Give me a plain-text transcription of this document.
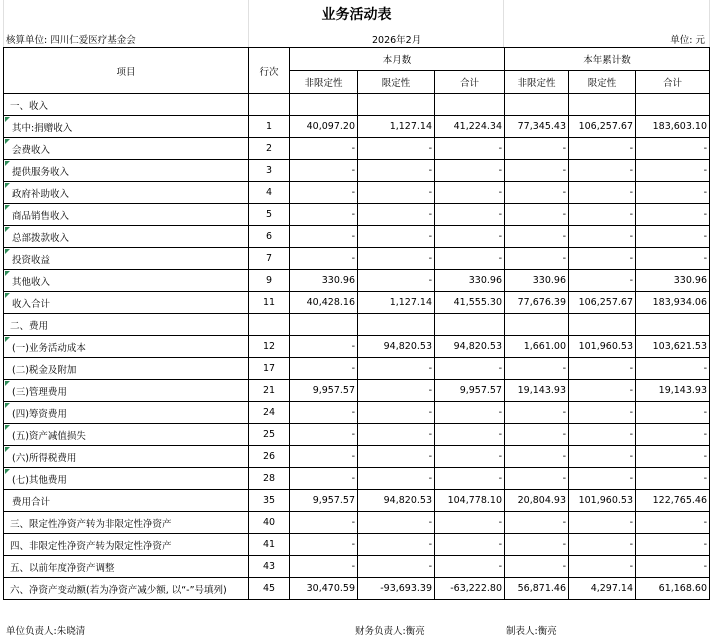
业务活动表
核算单位: 四川仁爱医疗基金会	2026年2月	单位: 元
项目	行次	本月数			本年累计数		
		非限定性	限定性	合计	非限定性	限定性	合计
一、收入							

其中:捐赠收入	1	40,097.20	1,127.14	41,224.34	77,345.43	106,257.67	183,603.10

会费收入	2	-	-	-	-	-	-

提供服务收入	3	-	-	-	-	-	-

政府补助收入	4	-	-	-	-	-	-

商品销售收入	5	-	-	-	-	-	-

总部拨款收入	6	-	-	-	-	-	-

投资收益	7	-	-	-	-	-	-

其他收入	9	330.96	-	330.96	330.96	-	330.96

收入合计	11	40,428.16	1,127.14	41,555.30	77,676.39	106,257.67	183,934.06
二、费用							

(一)业务活动成本	12	-	94,820.53	94,820.53	1,661.00	101,960.53	103,621.53
(二)税金及附加	17	-	-	-	-	-	-

(三)管理费用	21	9,957.57	-	9,957.57	19,143.93	-	19,143.93

(四)筹资费用	24	-	-	-	-	-	-

(五)资产减值损失	25	-	-	-	-	-	-

(六)所得税费用	26	-	-	-	-	-	-

(七)其他费用	28	-	-	-	-	-	-
费用合计	35	9,957.57	94,820.53	104,778.10	20,804.93	101,960.53	122,765.46
三、限定性净资产转为非限定性净资产	40	-	-	-	-	-	-
四、非限定性净资产转为限定性净资产	41	-	-	-	-	-	-
五、以前年度净资产调整	43	-	-	-	-	-	-
六、净资产变动额(若为净资产减少额, 以“-”号填列)	45	30,470.59	-93,693.39	-63,222.80	56,871.46	4,297.14	61,168.60
单位负责人:朱晓清	财务负责人:衡亮	制表人:衡亮
